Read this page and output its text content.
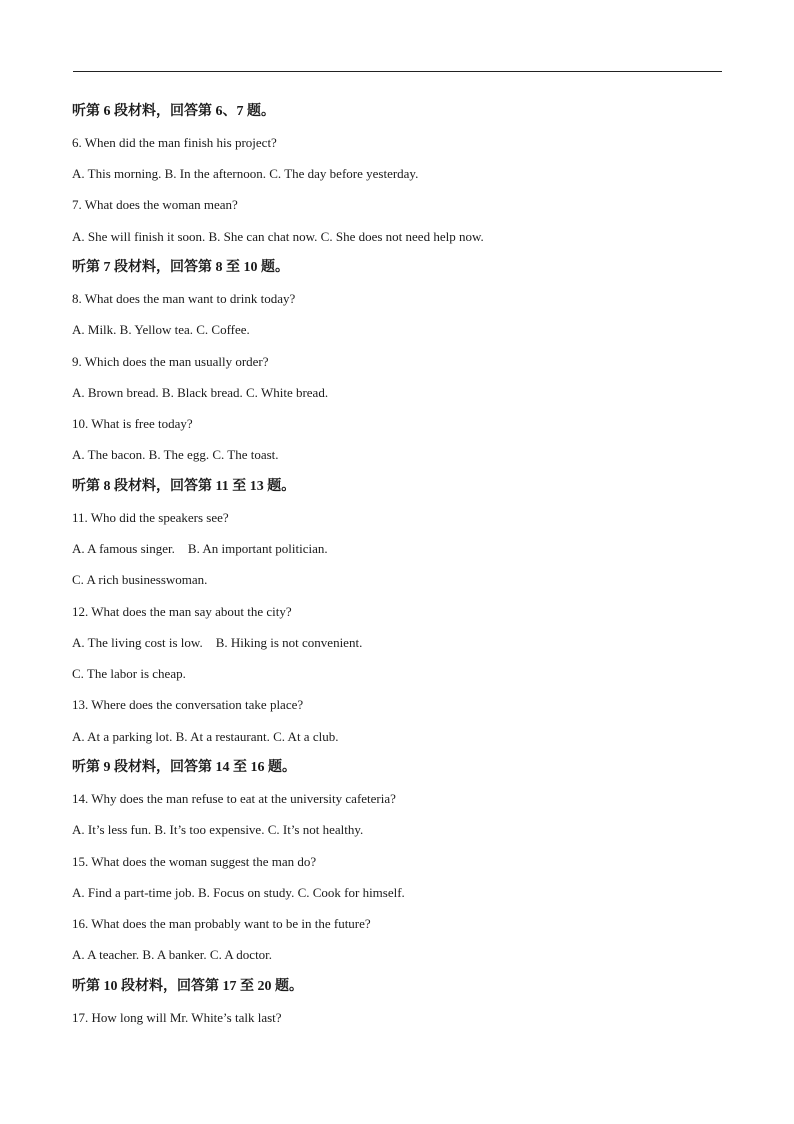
听第 6 段材料，回答第 6、7 题。
6. When did the man finish his project?
A. This morning. B. In the afternoon. C. The day before yesterday.
7. What does the woman mean?
A. She will finish it soon. B. She can chat now. C. She does not need help now.
听第 7 段材料，回答第 8 至 10 题。
8. What does the man want to drink today?
A. Milk. B. Yellow tea. C. Coffee.
9. Which does the man usually order?
A. Brown bread. B. Black bread. C. White bread.
10. What is free today?
A. The bacon. B. The egg. C. The toast.
听第 8 段材料，回答第 11 至 13 题。
11. Who did the speakers see?
A. A famous singer.    B. An important politician.
C. A rich businesswoman.
12. What does the man say about the city?
A. The living cost is low.    B. Hiking is not convenient.
C. The labor is cheap.
13. Where does the conversation take place?
A. At a parking lot. B. At a restaurant. C. At a club.
听第 9 段材料，回答第 14 至 16 题。
14. Why does the man refuse to eat at the university cafeteria?
A. It’s less fun. B. It’s too expensive. C. It’s not healthy.
15. What does the woman suggest the man do?
A. Find a part-time job. B. Focus on study. C. Cook for himself.
16. What does the man probably want to be in the future?
A. A teacher. B. A banker. C. A doctor.
听第 10 段材料，回答第 17 至 20 题。
17. How long will Mr. White’s talk last?
